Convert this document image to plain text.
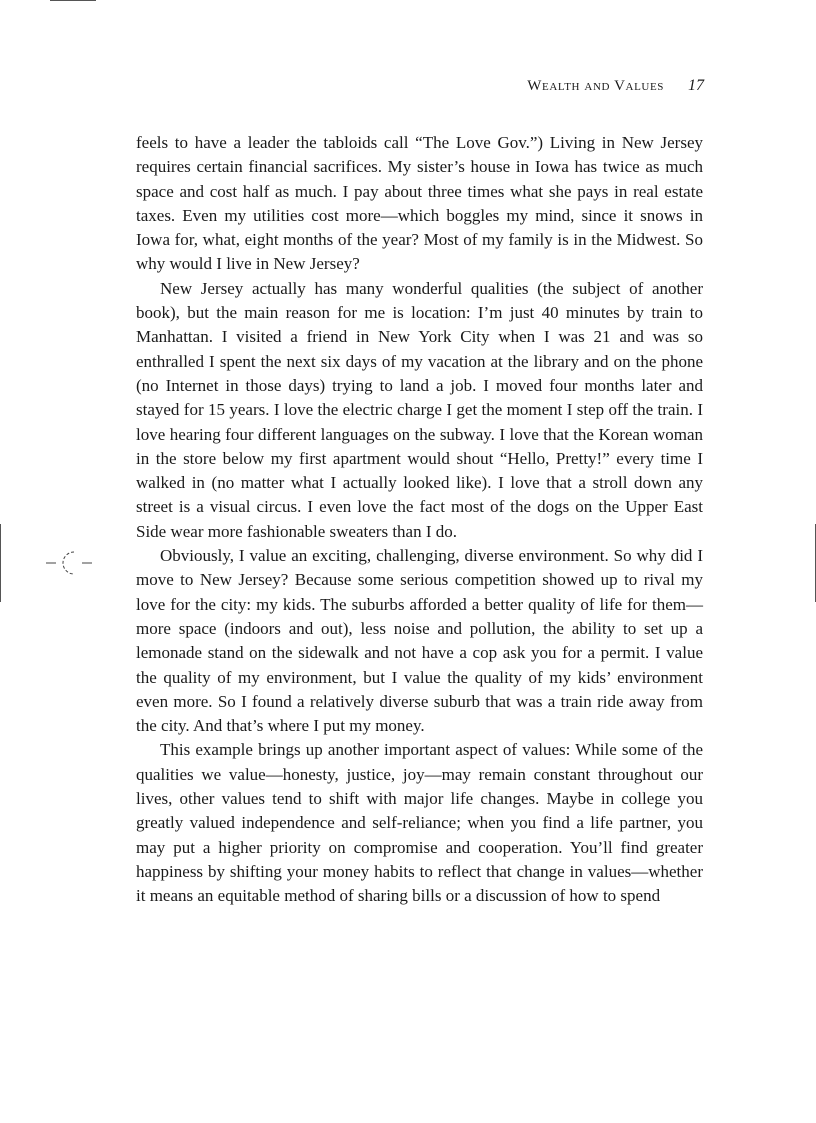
Wealth and Values 17

feels to have a leader the tabloids call “The Love Gov.”) Living in New Jersey requires certain financial sacrifices. My sister’s house in Iowa has twice as much space and cost half as much. I pay about three times what she pays in real estate taxes. Even my utilities cost more—which boggles my mind, since it snows in Iowa for, what, eight months of the year? Most of my family is in the Midwest. So why would I live in New Jersey?

New Jersey actually has many wonderful qualities (the subject of another book), but the main reason for me is location: I’m just 40 minutes by train to Manhattan. I visited a friend in New York City when I was 21 and was so enthralled I spent the next six days of my vacation at the library and on the phone (no Internet in those days) trying to land a job. I moved four months later and stayed for 15 years. I love the electric charge I get the moment I step off the train. I love hearing four different languages on the subway. I love that the Korean woman in the store below my first apartment would shout “Hello, Pretty!” every time I walked in (no matter what I actually looked like). I love that a stroll down any street is a visual circus. I even love the fact most of the dogs on the Upper East Side wear more fashionable sweaters than I do.

Obviously, I value an exciting, challenging, diverse environment. So why did I move to New Jersey? Because some serious competition showed up to rival my love for the city: my kids. The suburbs afforded a better quality of life for them—more space (indoors and out), less noise and pollution, the ability to set up a lemonade stand on the sidewalk and not have a cop ask you for a permit. I value the quality of my environment, but I value the quality of my kids’ environment even more. So I found a relatively diverse suburb that was a train ride away from the city. And that’s where I put my money.

This example brings up another important aspect of values: While some of the qualities we value—honesty, justice, joy—may remain constant throughout our lives, other values tend to shift with major life changes. Maybe in college you greatly valued independence and self-reliance; when you find a life partner, you may put a higher priority on compromise and cooperation. You’ll find greater happiness by shifting your money habits to reflect that change in values—whether it means an equitable method of sharing bills or a discussion of how to spend
